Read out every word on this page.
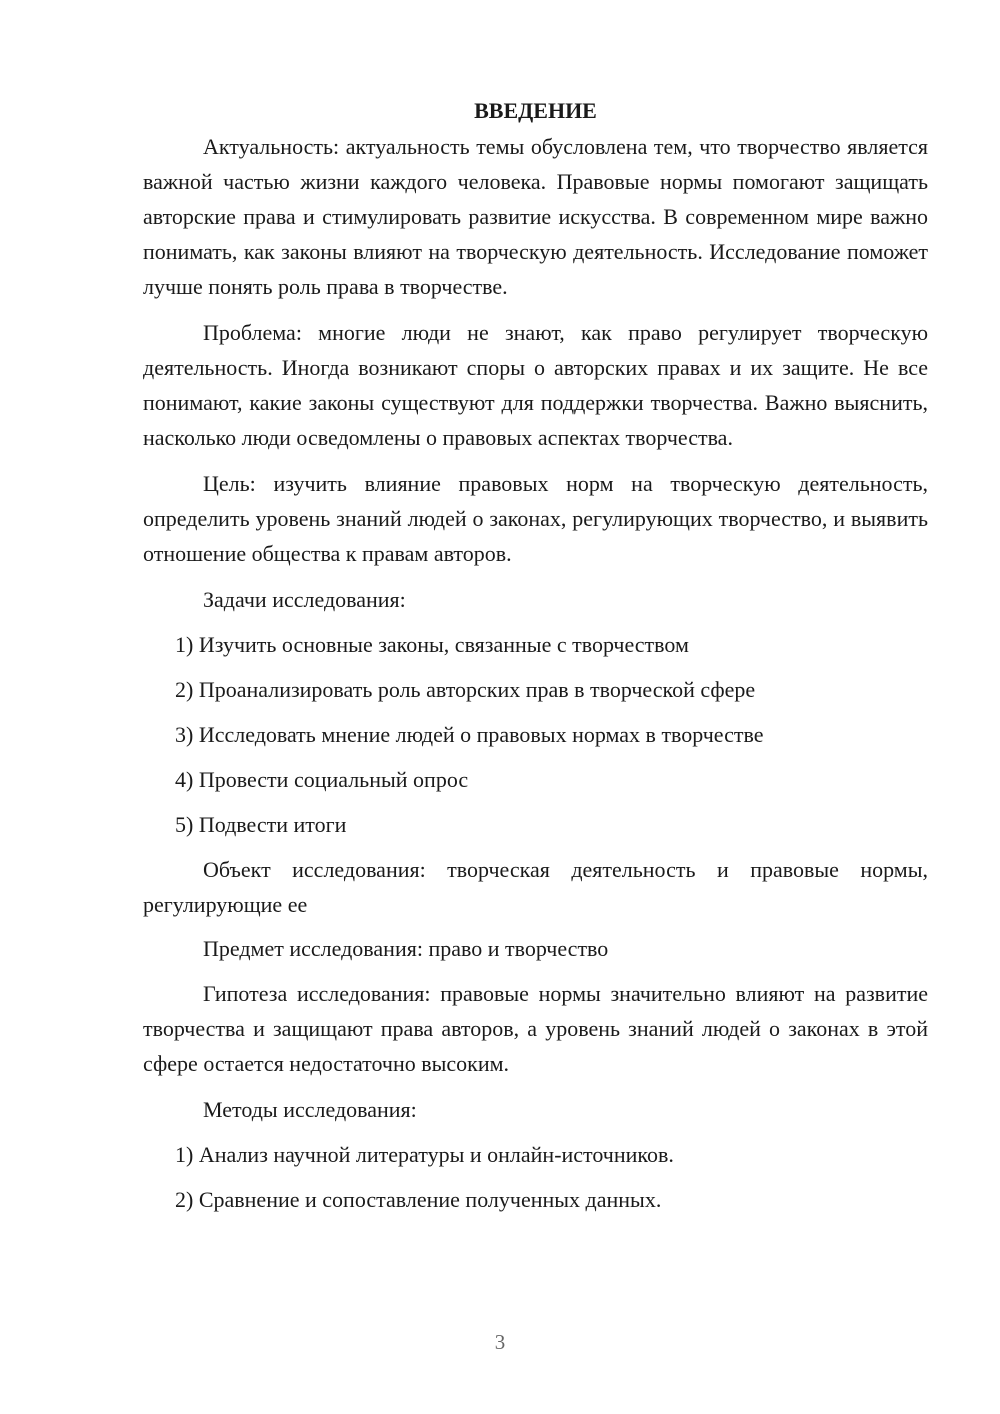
ВВЕДЕНИЕ

Актуальность: актуальность темы обусловлена тем, что творчество является важной частью жизни каждого человека. Правовые нормы помогают защищать авторские права и стимулировать развитие искусства. В современном мире важно понимать, как законы влияют на творческую деятельность. Исследование поможет лучше понять роль права в творчестве.

Проблема: многие люди не знают, как право регулирует творческую деятельность. Иногда возникают споры о авторских правах и их защите. Не все понимают, какие законы существуют для поддержки творчества. Важно выяснить, насколько люди осведомлены о правовых аспектах творчества.

Цель: изучить влияние правовых норм на творческую деятельность, определить уровень знаний людей о законах, регулирующих творчество, и выявить отношение общества к правам авторов.

Задачи исследования:

1) Изучить основные законы, связанные с творчеством
2) Проанализировать роль авторских прав в творческой сфере
3) Исследовать мнение людей о правовых нормах в творчестве
4) Провести социальный опрос
5) Подвести итоги

Объект исследования: творческая деятельность и правовые нормы, регулирующие ее

Предмет исследования: право и творчество

Гипотеза исследования: правовые нормы значительно влияют на развитие творчества и защищают права авторов, а уровень знаний людей о законах в этой сфере остается недостаточно высоким.

Методы исследования:

1) Анализ научной литературы и онлайн-источников.
2) Сравнение и сопоставление полученных данных.
3
